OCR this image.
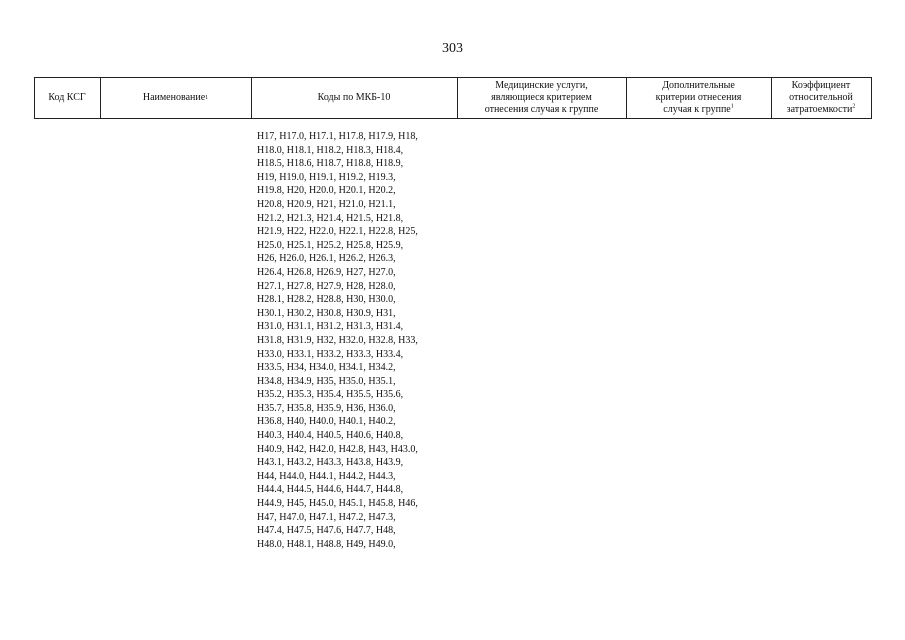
303
Код КСГ	Наименование 1	Коды по МКБ-10
Медицинские услуги,
являющиеся критерием
отнесения случая к группе
Дополнительные
критерии отнесения
случая к группе$^1$
Коэффициент
относительной
затратоемкости$^2$
H17, H17.0, H17.1, H17.8, H17.9, H18,
H18.0, H18.1, H18.2, H18.3, H18.4,
H18.5, H18.6, H18.7, H18.8, H18.9,
H19, H19.0, H19.1, H19.2, H19.3,
H19.8, H20, H20.0, H20.1, H20.2,
H20.8, H20.9, H21, H21.0, H21.1,
H21.2, H21.3, H21.4, H21.5, H21.8,
H21.9, H22, H22.0, H22.1, H22.8, H25,
H25.0, H25.1, H25.2, H25.8, H25.9,
H26, H26.0, H26.1, H26.2, H26.3,
H26.4, H26.8, H26.9, H27, H27.0,
H27.1, H27.8, H27.9, H28, H28.0,
H28.1, H28.2, H28.8, H30, H30.0,
H30.1, H30.2, H30.8, H30.9, H31,
H31.0, H31.1, H31.2, H31.3, H31.4,
H31.8, H31.9, H32, H32.0, H32.8, H33,
H33.0, H33.1, H33.2, H33.3, H33.4,
H33.5, H34, H34.0, H34.1, H34.2,
H34.8, H34.9, H35, H35.0, H35.1,
H35.2, H35.3, H35.4, H35.5, H35.6,
H35.7, H35.8, H35.9, H36, H36.0,
H36.8, H40, H40.0, H40.1, H40.2,
H40.3, H40.4, H40.5, H40.6, H40.8,
H40.9, H42, H42.0, H42.8, H43, H43.0,
H43.1, H43.2, H43.3, H43.8, H43.9,
H44, H44.0, H44.1, H44.2, H44.3,
H44.4, H44.5, H44.6, H44.7, H44.8,
H44.9, H45, H45.0, H45.1, H45.8, H46,
H47, H47.0, H47.1, H47.2, H47.3,
H47.4, H47.5, H47.6, H47.7, H48,
H48.0, H48.1, H48.8, H49, H49.0,
